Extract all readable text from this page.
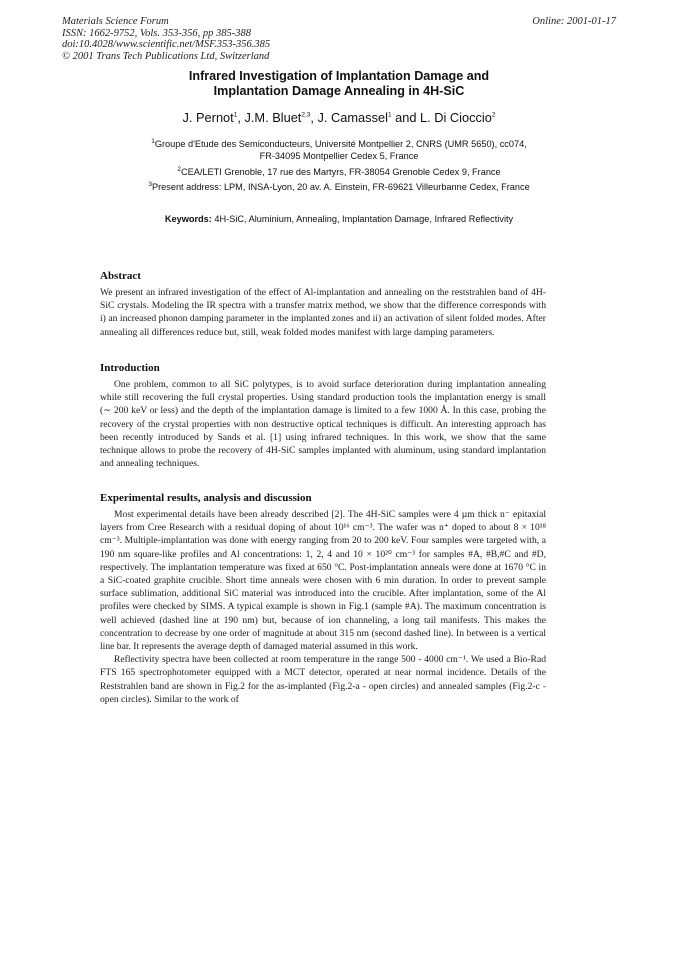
Materials Science Forum
ISSN: 1662-9752, Vols. 353-356, pp 385-388
doi:10.4028/www.scientific.net/MSF.353-356.385
© 2001 Trans Tech Publications Ltd, Switzerland
Online: 2001-01-17
Infrared Investigation of Implantation Damage and
Implantation Damage Annealing in 4H-SiC
J. Pernot$^1$, J.M. Bluet$^{2,3}$, J. Camassel$^1$ and L. Di Cioccio$^2$
$^1$Groupe d'Etude des Semiconducteurs, Université Montpellier 2, CNRS (UMR 5650), cc074,
FR-34095 Montpellier Cedex 5, France
$^2$CEA/LETI Grenoble, 17 rue des Martyrs, FR-38054 Grenoble Cedex 9, France
$^3$Present address: LPM, INSA-Lyon, 20 av. A. Einstein, FR-69621 Villeurbanne Cedex, France
Keywords: 4H-SiC, Aluminium, Annealing, Implantation Damage, Infrared Reflectivity
Abstract

We present an infrared investigation of the effect of Al-implantation and annealing on the reststrahlen band of 4H-SiC crystals. Modeling the IR spectra with a transfer matrix method, we show that the difference corresponds with i) an increased phonon damping parameter in the implanted zones and ii) an activation of silent folded modes. After annealing all differences reduce but, still, weak folded modes manifest with large damping parameters.

Introduction

One problem, common to all SiC polytypes, is to avoid surface deterioration during implantation annealing while still recovering the full crystal properties. Using standard production tools the implantation energy is small (∼ 200 keV or less) and the depth of the implantation damage is limited to a few 1000 Å. In this case, probing the recovery of the crystal properties with non destructive optical techniques is difficult. An interesting approach has been recently introduced by Sands et al. [1] using infrared techniques. In this work, we show that the same technique allows to probe the recovery of 4H-SiC samples implanted with aluminum, using standard implantation and annealing techniques.

Experimental results, analysis and discussion

Most experimental details have been already described [2]. The 4H-SiC samples were 4 µm thick n⁻ epitaxial layers from Cree Research with a residual doping of about 10¹⁶ cm⁻³. The wafer was n⁺ doped to about 8 × 10¹⁸ cm⁻³. Multiple-implantation was done with energy ranging from 20 to 200 keV. Four samples were targeted with, a 190 nm square-like profiles and Al concentrations: 1, 2, 4 and 10 × 10²⁰ cm⁻³ for samples #A, #B,#C and #D, respectively. The implantation temperature was fixed at 650 °C. Post-implantation anneals were done at 1670 °C in a SiC-coated graphite crucible. Short time anneals were chosen with 6 min duration. In order to prevent sample surface sublimation, additional SiC material was introduced into the crucible. After implantation, some of the Al profiles were checked by SIMS. A typical example is shown in Fig.1 (sample #A). The maximum concentration is well achieved (dashed line at 190 nm) but, because of ion channeling, a long tail manifests. This makes the concentration to decrease by one order of magnitude at about 315 nm (second dashed line). In between is a vertical line bar. It represents the average depth of damaged material assumed in this work.

Reflectivity spectra have been collected at room temperature in the range 500 - 4000 cm⁻¹. We used a Bio-Rad FTS 165 spectrophotometer equipped with a MCT detector, operated at near normal incidence. Details of the Reststrahlen band are shown in Fig.2 for the as-implanted (Fig.2-a - open circles) and annealed samples (Fig.2-c - open circles). Similar to the work of
